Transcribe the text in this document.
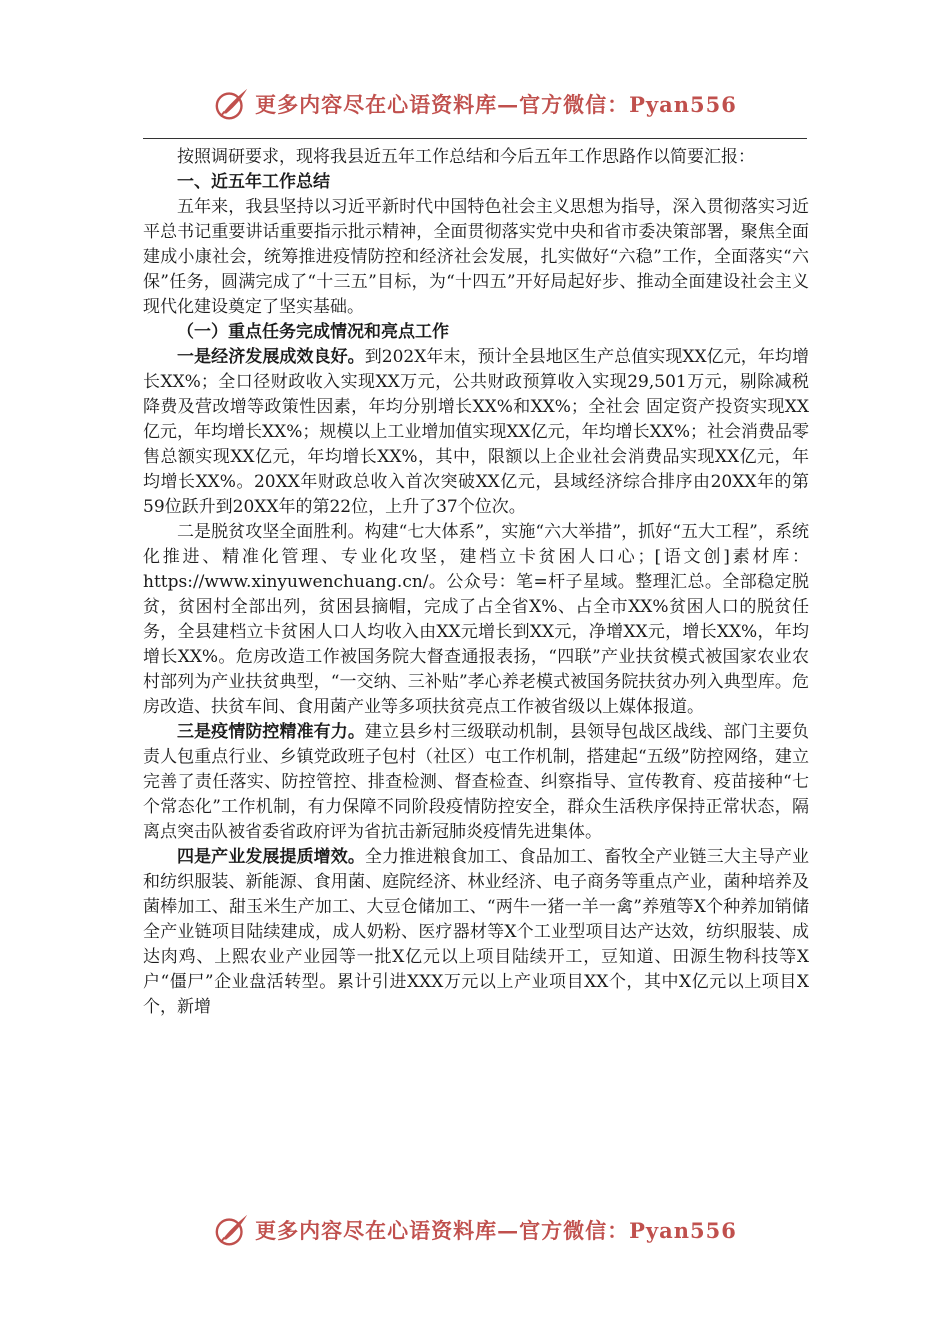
更多内容尽在心语资料库—官方微信：Pyan556

按照调研要求，现将我县近五年工作总结和今后五年工作思路作以简要汇报：

一、近五年工作总结

五年来，我县坚持以习近平新时代中国特色社会主义思想为指导，深入贯彻落实习近平总书记重要讲话重要指示批示精神，全面贯彻落实党中央和省市委决策部署，聚焦全面建成小康社会，统筹推进疫情防控和经济社会发展，扎实做好“六稳”工作，全面落实“六保”任务，圆满完成了“十三五”目标，为“十四五”开好局起好步、推动全面建设社会主义现代化建设奠定了坚实基础。

（一）重点任务完成情况和亮点工作

一是经济发展成效良好。到202X年末，预计全县地区生产总值实现XX亿元，年均增长XX%；全口径财政收入实现XX万元，公共财政预算收入实现29,501万元，剔除减税降费及营改增等政策性因素，年均分别增长XX%和XX%；全社会 固定资产投资实现XX亿元，年均增长XX%；规模以上工业增加值实现XX亿元，年均增长XX%；社会消费品零售总额实现XX亿元，年均增长XX%，其中，限额以上企业社会消费品实现XX亿元，年均增长XX%。20XX年财政总收入首次突破XX亿元，县域经济综合排序由20XX年的第59位跃升到20XX年的第22位，上升了37个位次。

二是脱贫攻坚全面胜利。构建“七大体系”，实施“六大举措”，抓好“五大工程”，系统化推进、精准化管理、专业化攻坚，建档立卡贫困人口心；[语文创]素材库：https://www.xinyuwenchuang.cn/。公众号：笔=杆子星域。整理汇总。全部稳定脱贫，贫困村全部出列，贫困县摘帽，完成了占全省X%、占全市XX%贫困人口的脱贫任务，全县建档立卡贫困人口人均收入由XX元增长到XX元，净增XX元，增长XX%，年均增长XX%。危房改造工作被国务院大督查通报表扬，“四联”产业扶贫模式被国家农业农村部列为产业扶贫典型，“一交纳、三补贴”孝心养老模式被国务院扶贫办列入典型库。危房改造、扶贫车间、食用菌产业等多项扶贫亮点工作被省级以上媒体报道。

三是疫情防控精准有力。建立县乡村三级联动机制，县领导包战区战线、部门主要负责人包重点行业、乡镇党政班子包村（社区）屯工作机制，搭建起“五级”防控网络，建立完善了责任落实、防控管控、排查检测、督查检查、纠察指导、宣传教育、疫苗接种“七个常态化”工作机制，有力保障不同阶段疫情防控安全，群众生活秩序保持正常状态，隔离点突击队被省委省政府评为省抗击新冠肺炎疫情先进集体。

四是产业发展提质增效。全力推进粮食加工、食品加工、畜牧全产业链三大主导产业和纺织服装、新能源、食用菌、庭院经济、林业经济、电子商务等重点产业，菌种培养及菌棒加工、甜玉米生产加工、大豆仓储加工、“两牛一猪一羊一禽”养殖等X个种养加销储全产业链项目陆续建成，成人奶粉、医疗器材等X个工业型项目达产达效，纺织服装、成达肉鸡、上熙农业产业园等一批X亿元以上项目陆续开工，豆知道、田源生物科技等X户“僵尸”企业盘活转型。累计引进XXX万元以上产业项目XX个，其中X亿元以上项目X个，新增

更多内容尽在心语资料库—官方微信：Pyan556
